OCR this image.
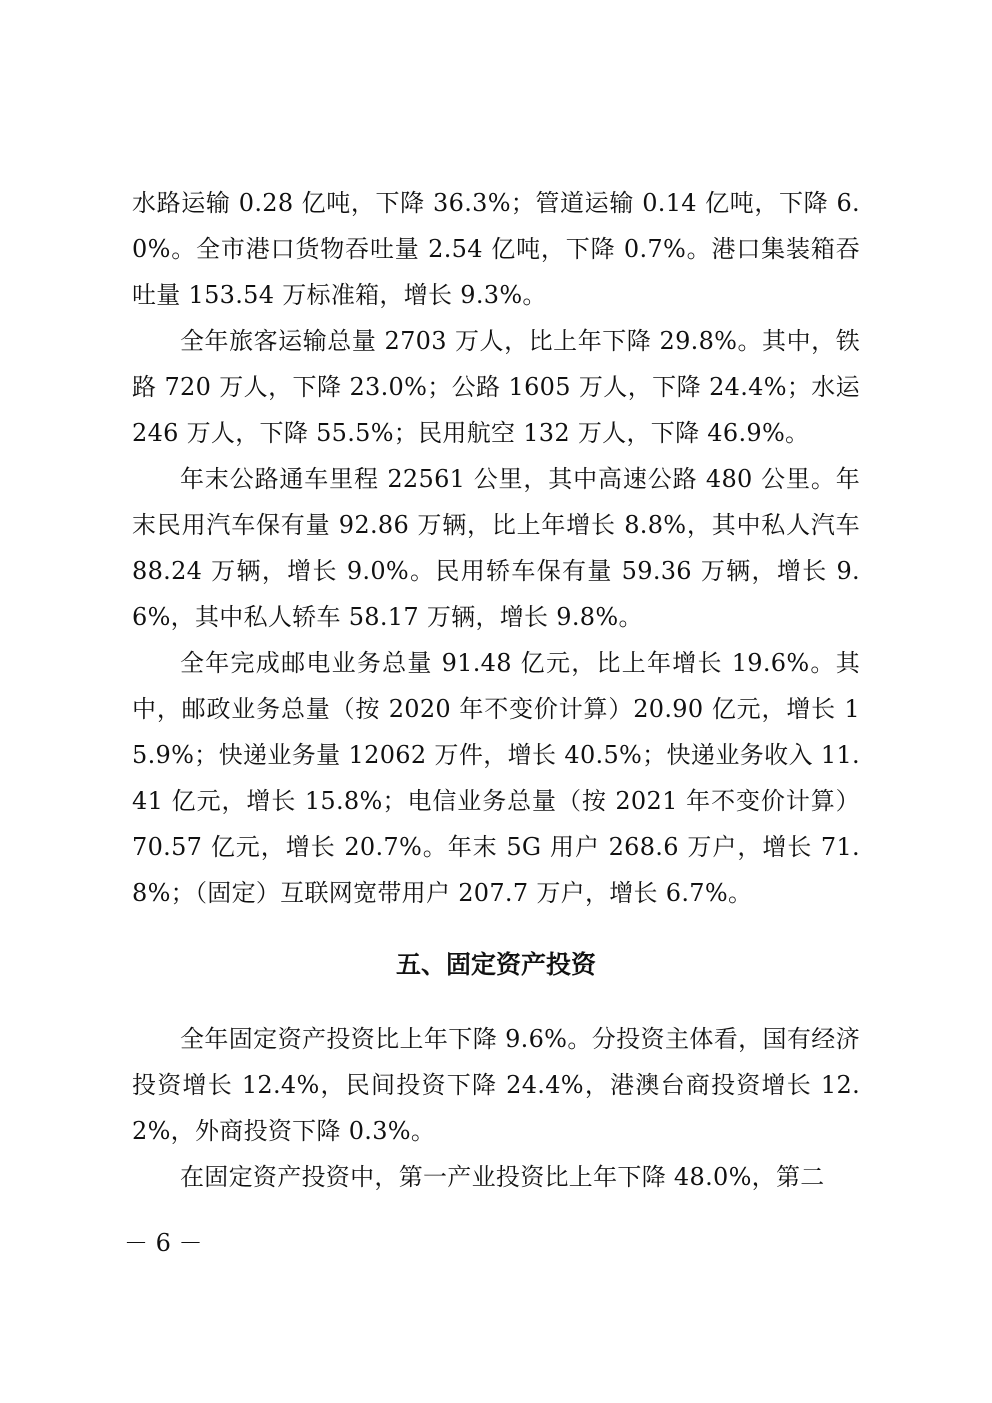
水路运输 0.28 亿吨，下降 36.3%；管道运输 0.14 亿吨，下降 6.0%。全市港口货物吞吐量 2.54 亿吨，下降 0.7%。港口集装箱吞吐量 153.54 万标准箱，增长 9.3%。

全年旅客运输总量 2703 万人，比上年下降 29.8%。其中，铁路 720 万人，下降 23.0%；公路 1605 万人，下降 24.4%；水运 246 万人，下降 55.5%；民用航空 132 万人，下降 46.9%。

年末公路通车里程 22561 公里，其中高速公路 480 公里。年末民用汽车保有量 92.86 万辆，比上年增长 8.8%，其中私人汽车 88.24 万辆，增长 9.0%。民用轿车保有量 59.36 万辆，增长 9.6%，其中私人轿车 58.17 万辆，增长 9.8%。

全年完成邮电业务总量 91.48 亿元，比上年增长 19.6%。其中，邮政业务总量（按 2020 年不变价计算）20.90 亿元，增长 15.9%；快递业务量 12062 万件，增长 40.5%；快递业务收入 11.41 亿元，增长 15.8%；电信业务总量（按 2021 年不变价计算）70.57 亿元，增长 20.7%。年末 5G 用户 268.6 万户，增长 71.8%；（固定）互联网宽带用户 207.7 万户，增长 6.7%。

五、固定资产投资

全年固定资产投资比上年下降 9.6%。分投资主体看，国有经济投资增长 12.4%，民间投资下降 24.4%，港澳台商投资增长 12.2%，外商投资下降 0.3%。

在固定资产投资中，第一产业投资比上年下降 48.0%，第二

－ 6 －
